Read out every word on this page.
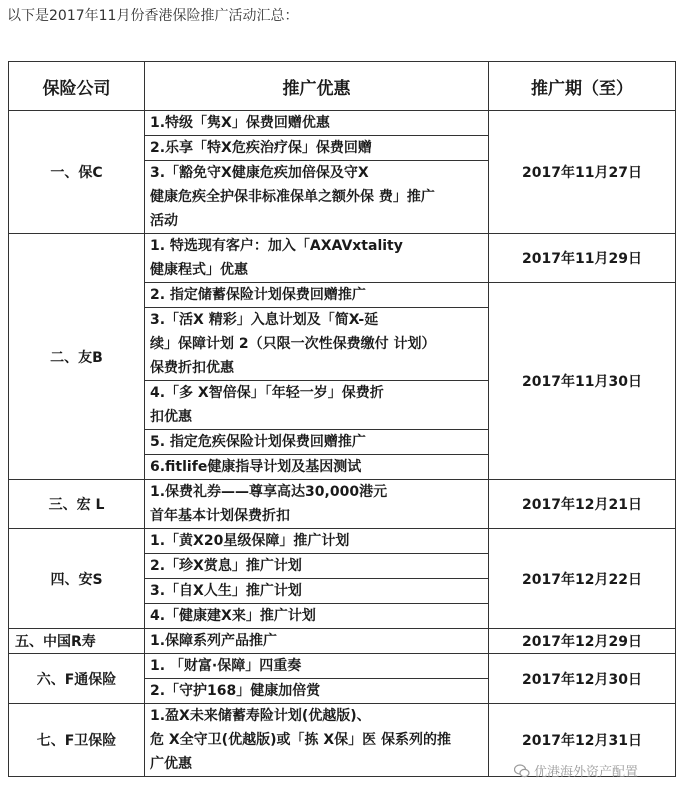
以下是2017年11月份香港保险推广活动汇总：
保险公司	推广优惠	推广期（至）
一、保C	1.特级「隽X」保费回赠优惠	2017年11月27日

	2.乐享「特X危疾治疗保」保费回赠	

	3.「豁免守X健康危疾加倍保及守X
健康危疾全护保非标准保单之额外保 费」推广
活动	

二、友B	1. 特选现有客户：加入「AXAVxtality
健康程式」优惠	2017年11月29日

	2. 指定储蓄保险计划保费回赠推广	2017年11月30日

	3.「活X 精彩」入息计划及「简X-延
续」保障计划 2（只限一次性保费缴付 计划）
保费折扣优惠	

	4.「多 X智倍保」「年轻一岁」保费折
扣优惠	

	5. 指定危疾保险计划保费回赠推广	

	6.fitlife健康指导计划及基因测试	

三、宏 L	1.保费礼券——尊享高达30,000港元
首年基本计划保费折扣	2017年12月21日
四、安S	1.「黄X20星级保障」推广计划	2017年12月22日

	2.「珍X赏息」推广计划	

	3.「自X人生」推广计划	

	4.「健康建X来」推广计划	

五、中国R寿	1.保障系列产品推广	2017年12月29日
六、F通保险	1. 「财富·保障」四重奏	2017年12月30日

	2.「守护168」健康加倍赏	

七、F卫保险	1.盈X未来储蓄寿险计划(优越版)、
危 X全守卫(优越版)或「拣 X保」医 保系列的推
广优惠	2017年12月31日
优港海外资产配置
